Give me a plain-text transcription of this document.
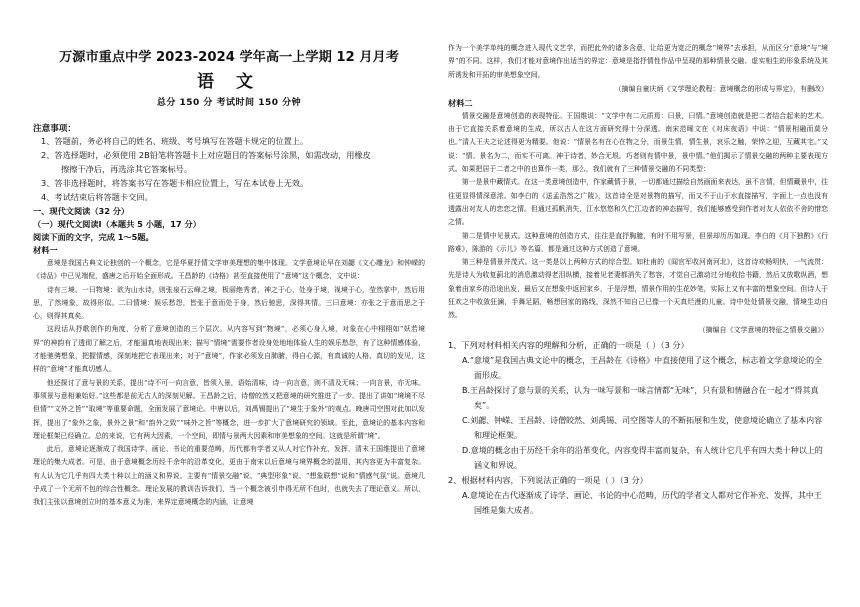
万源市重点中学 2023-2024 学年高一上学期 12 月月考
语 文
总分 150 分 考试时间 150 分钟
注意事项：
1、答题前，务必将自己的姓名、班级、考号填写在答题卡规定的位置上。
2、答选择题时，必须使用 2B铅笔将答题卡上对应题目的答案标号涂黑，如需改动，用橡皮
擦擦干净后，再选涂其它答案标号。
3、答非选择题时，将答案书写在答题卡相应位置上，写在本试卷上无效。
4、考试结束后将答题卡交回。
一、现代文阅读（32 分）
（一）现代文阅读Ⅰ（本题共 5 小题，17 分）
阅读下面的文字，完成 1～5题。
材料一
意境是我国古典文论独创的一个概念，它是华夏抒情文学审美理想的集中体现。文学意境论早在刘勰《文心雕龙》和钟嵘的《诗品》中已见端倪，盛唐之后开始全面形成。王昌龄的《诗格》甚至直接使用了“意境”这个概念，文中说：
诗有三境。一曰物境：欲为山水诗，则张泉石云峰之境，极丽绝秀者，神之于心，处身于境，视境于心，莹然掌中，然后用思，了然境象，故得形似。二曰情境：娱乐愁怨，皆张于意而处于身，然后驰思，深得其情。三曰意境：亦张之于意而思之于心，则得其真矣。
这段话从抒歌创作的角度，分析了意境创造的三个层次。从内容写到“物境”，必须心身入境，对象在心中栩栩如“妖若境界”的神韵有了透彻了解之后，才能逼真地表现出来；描写“情境”需要作者设身处地地体验人生的娱乐愁怨，有了这种情感体验，才能驰骋想象，把握情感，深刻地把它表现出来；对于“意境”，作家必须发自肺腑，得自心源，有真诚的人格、真切的发见，这样的“意境”才能真切感人。
他还探讨了意与景的关系，提出“诗不可一向言意，皆须入景，语始清味，诗一向言意，则不清及无味；一向言景，亦无味。事须景与意相兼始好。”这些都是前无古人的深刻见解。王昌龄之后，诗僧皎然又把意境的研究推进了一步。提出了讲如“境境不尽但情”“文外之旨”“取境”等重要命题，全面发展了意境论。中唐以后，刘禹锡提出了“境生于象外”的观点。晚唐司空图对此加以发挥，提出了“象外之象，景外之景”和“韵外之致”“味外之旨”等概念，进一步扩大了意境研究的领域。至此，意境论的基本内容和理论框架已经确立。总的来说，它有两大因素，一个空间，即情与景两大因素和审美想象的空间。这就是所谓“境”。
此后，意境论逐渐成了我国诗学、画论、书论的重要范畴，历代都有学者又从人对它作补充、发挥，清末王国维提出了意境理论的集大成者。可是，由于意境概念历经千余年的沿革变化，更由于南宋以后意境与境界概念的混用，其内容更为丰富复杂。有人认为它几乎有四大类十种以上的涵义和界说。主要有“情景交融”说、“典型形象”说、“想象联想”说和“情感气氛”说。意境几乎成了一个无所不包的综合性概念。理论发展的教训告诉我们，当一个概念被引申得无所不包时，也就失去了理论意义。所以，我们主张以意境创立时的基本意义为准，来界定意境概念的内涵，让意境
作为一个美学单纯的概念进入现代文艺学，而把此外的诸多含意，让给更为宽泛的概念“境界”去承担，从而区分“意境”与“境界”的不同。这样，我们才能对意境作出适当的界定：意境是指抒情性作品中呈现的那种情景交融、虚实相生的形象系统及其所诱发和开拓的审美想象空间。
（摘编自童庆炳《文学理论教程：意境概念的形成与界定》，有删改）
材料二
情景交融是意境创造的表现特征。王国维说：“文学中有二元质焉：曰景，曰情。”意境创造就是把二者结合起来的艺术。由于它直接关系着意境的生成，所以古人在这方面研究得十分深透。南宋范晞文在《对床夜语》中说：“情景相融而莫分也。”清人王夫之论述得更为精要。他说：“情景名有在心在物之分，而景生情，情生景，哀乐之触，荣悴之迎，互藏其宅。”又说：“情、景名为二，而实不可离。神于诗者，妙合无垠。巧者则有情中景，景中情。”他们揭示了情景交融的两种主要表现方式。如果把居于二者之中的也算作一类，那么，我们就有了三种情景交融的不同类型：
第一是景中藏情式。在这一类意境创造中，作家藏情于景，一切都通过描绘自然画面来表达，虽不言情，但情藏景中，往往更显得情深意浓。如李白的《送孟浩然之广陵》，这首诗全是对景物的描写，而又不于山于水直接描写，字面上一点也没有透露出对友人的恋恋之情。但通过孤帆消失，江水悠悠和久伫江边者的神态描写，我们能够感受到作者对友人依依不舍的惜恋之情。
第二是情中见景式。这种意境的创造方式，往往是直抒胸臆，有时不用写景，但景却历历如现。李白的《月下独酌》《行路难》，陈游的《示儿》等名篇，都是通过这种方式创造了意境。
第三种是情景并茂式。这一类是以上两种方式的综合型。如杜甫的《闻官军收河南河北》，这首诗欢畅明快，一气流贯：先是诗人为收复蓟北的消息激动得老泪纵横，接着见老妻都消失了愁容，才觉自己激动过分地收拾书籍，然后又放歌纵酒，想象着由家乡的沿途出发，最后又在想象中返回家乡，于是浮想，情景作用的生花妙笔，实际上又有丰富的想象空间。但诗人于狂欢之中收敛狂澜，手舞足蹈，畅想回家的路线，深然不知自己已像一个天真烂漫的儿童。诗中处处情景交融，情境生动自然。
（摘编自《文学意境的特征之情景交融》）
1、下列对材料相关内容的理解和分析，正确的一项是（ ）（3 分）
A.“意境”是我国古典文论中的概念，王昌龄在《诗格》中直接使用了这个概念，标志着文学意境论的全面形成。
B.王昌龄探讨了意与景的关系，认为一味写景和一味言情都“无味”，只有景和情融合在一起才“得其真矣”。
C.刘勰、钟嵘、王昌龄、诗僧皎然、刘禹锡、司空图等人的不断拓展和生发，使意境论确立了基本内容和理论框架。
D.意境的概念由于历经千余年的沿革变化，内容变得丰富而复杂，有人统计它几乎有四大类十种以上的涵义和界说。
2、根据材料内容，下列说法正确的一项是（ ）（3 分）
A.意境论在古代逐渐成了诗学、画论、书论的中心范畴，历代的学者文人都对它作补充、发挥，其中王国维是集大成者。
